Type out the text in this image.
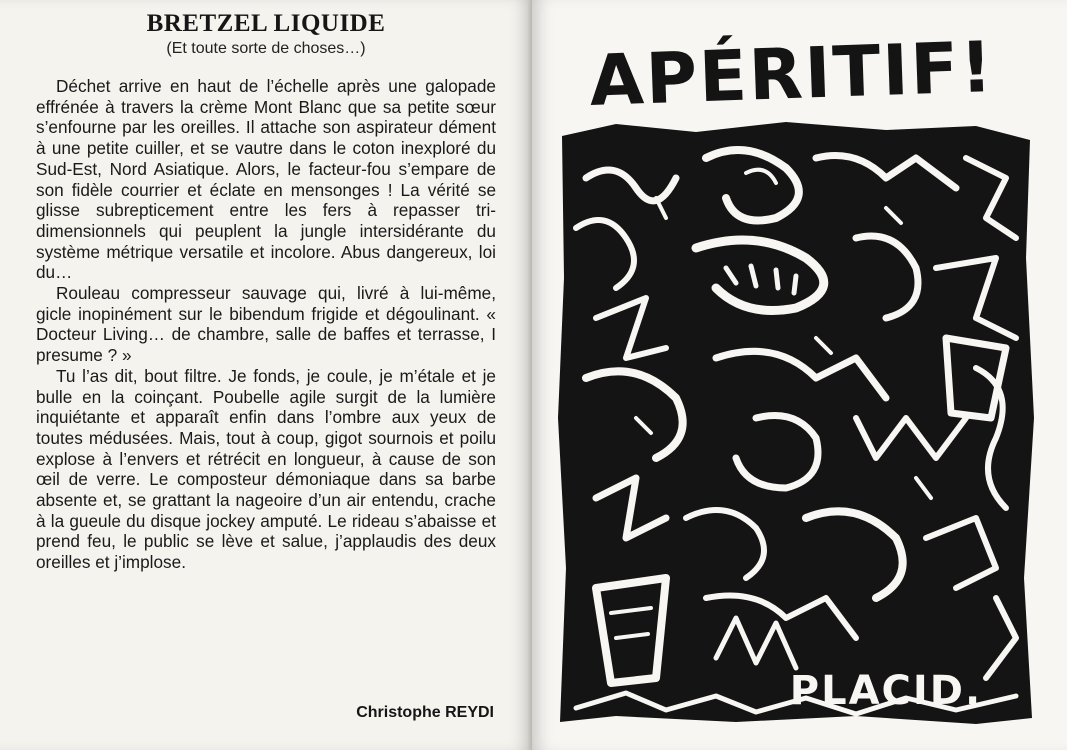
BRETZEL LIQUIDE
(Et toute sorte de choses…)

Déchet arrive en haut de l’échelle après une galopade effrénée à travers la crème Mont Blanc que sa petite sœur s’enfourne par les oreilles. Il attache son aspirateur dément à une petite cuiller, et se vautre dans le coton inexploré du Sud-Est, Nord Asiatique. Alors, le facteur-fou s’empare de son fidèle courrier et éclate en mensonges ! La vérité se glisse subrepticement entre les fers à repasser tri-dimensionnels qui peuplent la jungle intersidérante du système métrique versatile et incolore. Abus dangereux, loi du…

Rouleau compresseur sauvage qui, livré à lui-même, gicle inopinément sur le bibendum frigide et dégoulinant. « Docteur Living… de chambre, salle de baffes et terrasse, I presume ? »

Tu l’as dit, bout filtre. Je fonds, je coule, je m’étale et je bulle en la coinçant. Poubelle agile surgit de la lumière inquiétante et apparaît enfin dans l’ombre aux yeux de toutes médusées. Mais, tout à coup, gigot sournois et poilu explose à l’envers et rétrécit en longueur, à cause de son œil de verre. Le composteur démoniaque dans sa barbe absente et, se grattant la nageoire d’un air entendu, crache à la gueule du disque jockey amputé. Le rideau s’abaisse et prend feu, le public se lève et salue, j’applaudis des deux oreilles et j’implose.

Christophe REYDI
APÉRITIF!
PLACID.
